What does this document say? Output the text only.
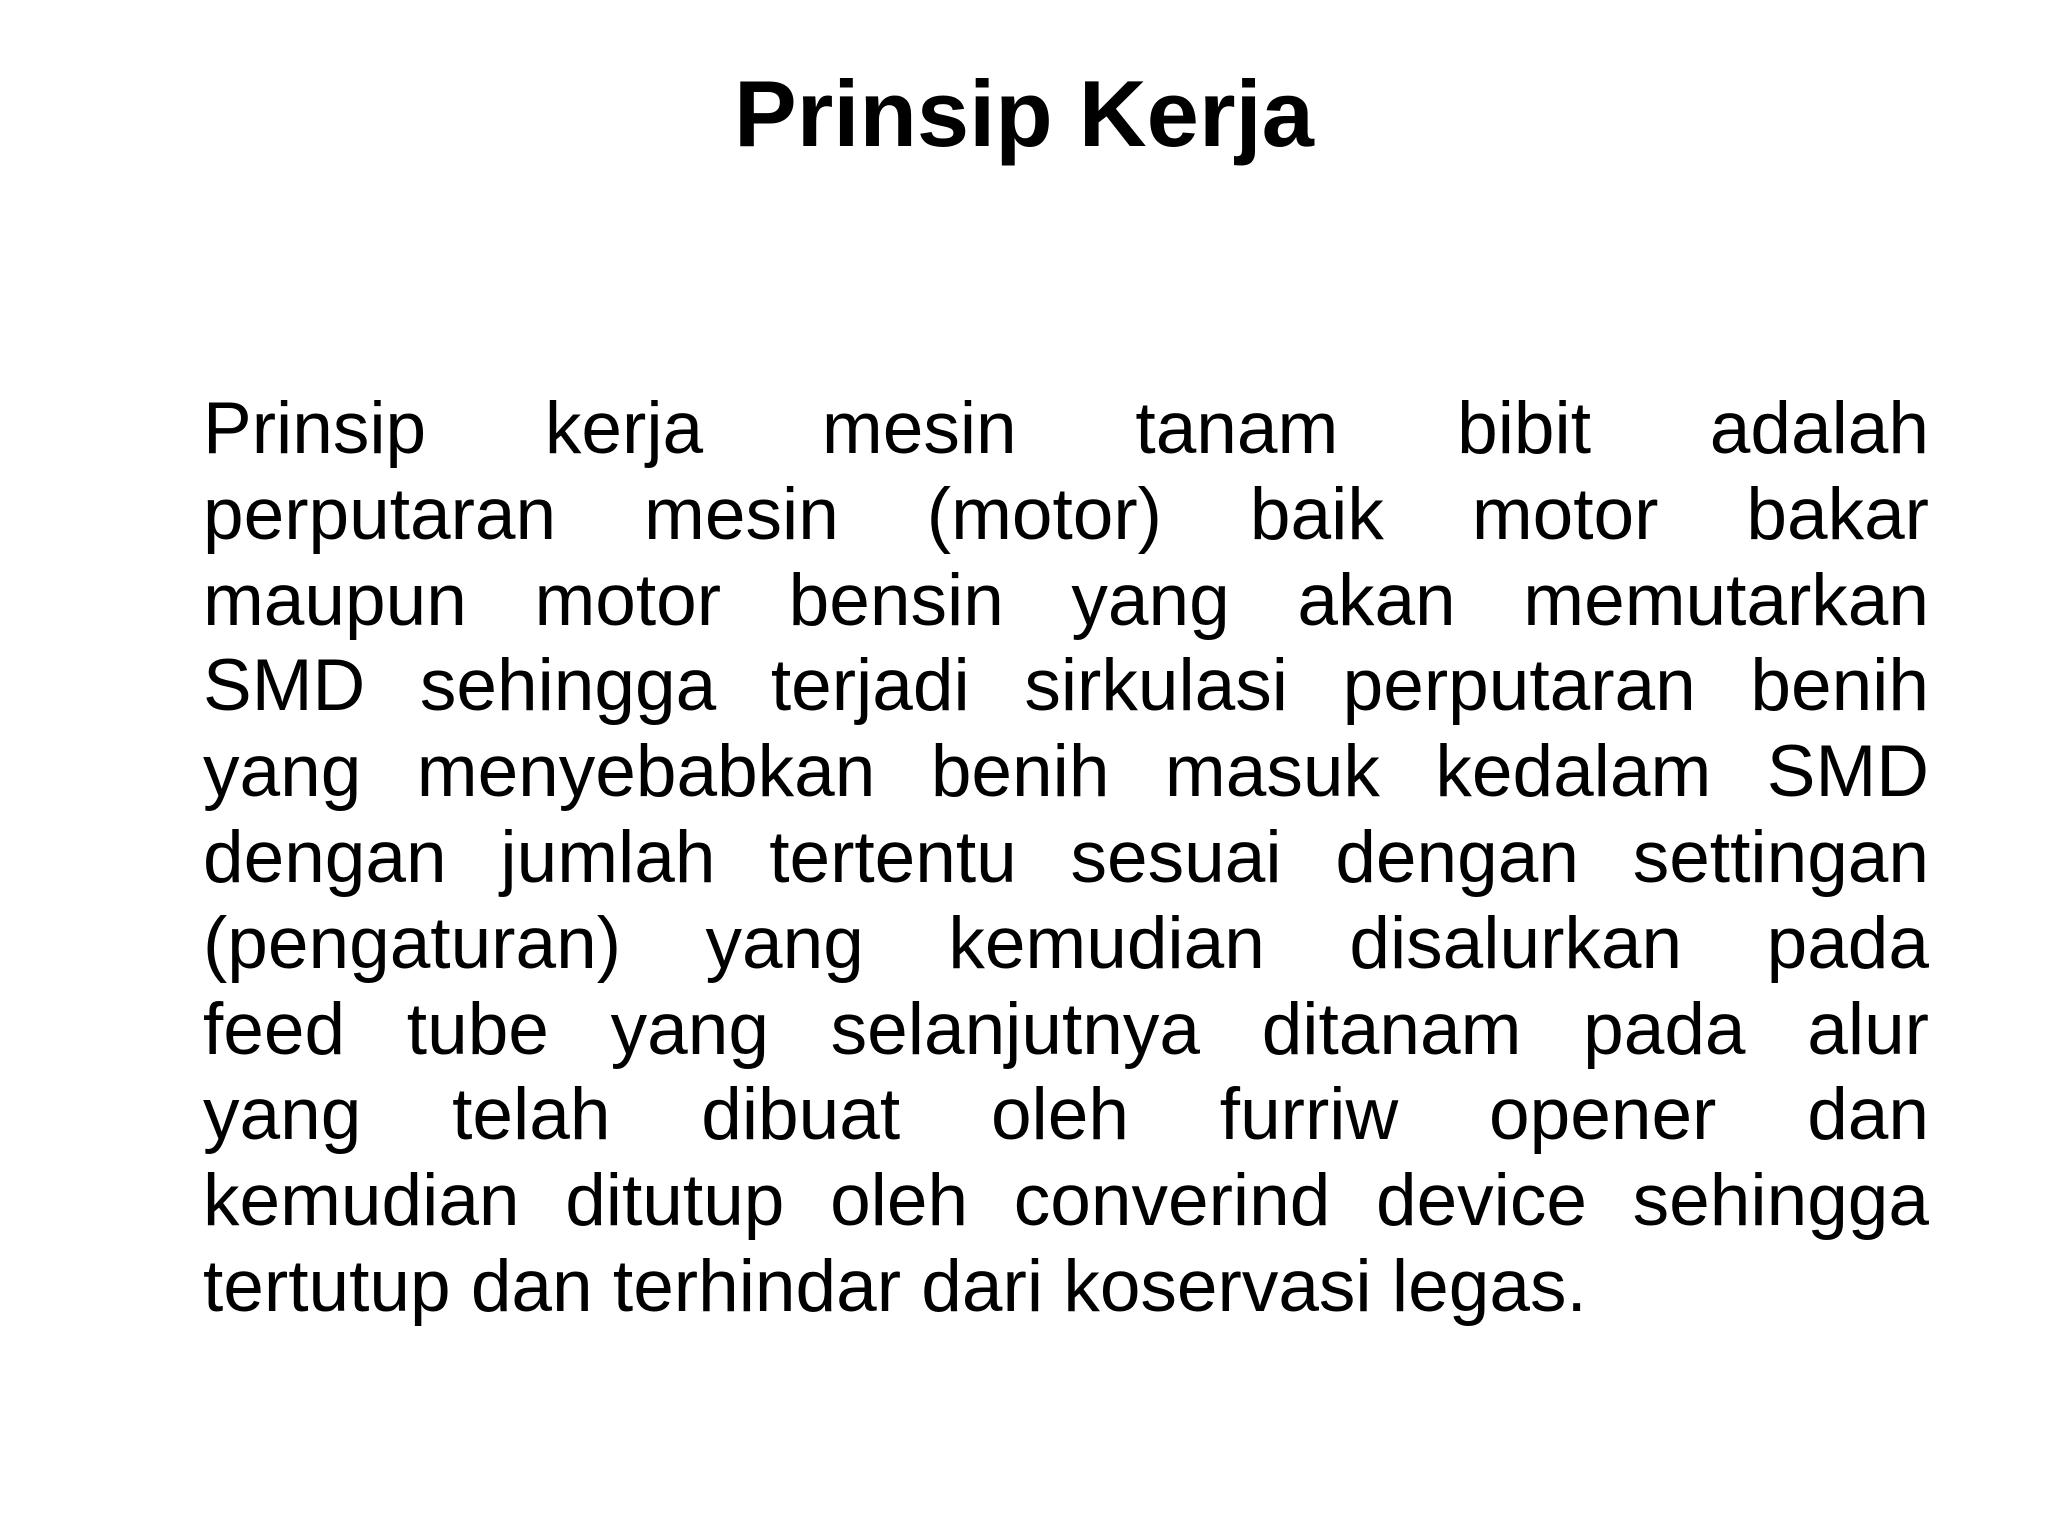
Prinsip Kerja
Prinsip kerja mesin tanam bibit adalah
perputaran mesin (motor) baik motor bakar
maupun motor bensin yang akan memutarkan
SMD sehingga terjadi sirkulasi perputaran benih
yang menyebabkan benih masuk kedalam SMD
dengan jumlah tertentu sesuai dengan settingan
(pengaturan) yang kemudian disalurkan pada
feed tube yang selanjutnya ditanam pada alur
yang telah dibuat oleh furriw opener dan
kemudian ditutup oleh converind device sehingga
tertutup dan terhindar dari koservasi legas.
